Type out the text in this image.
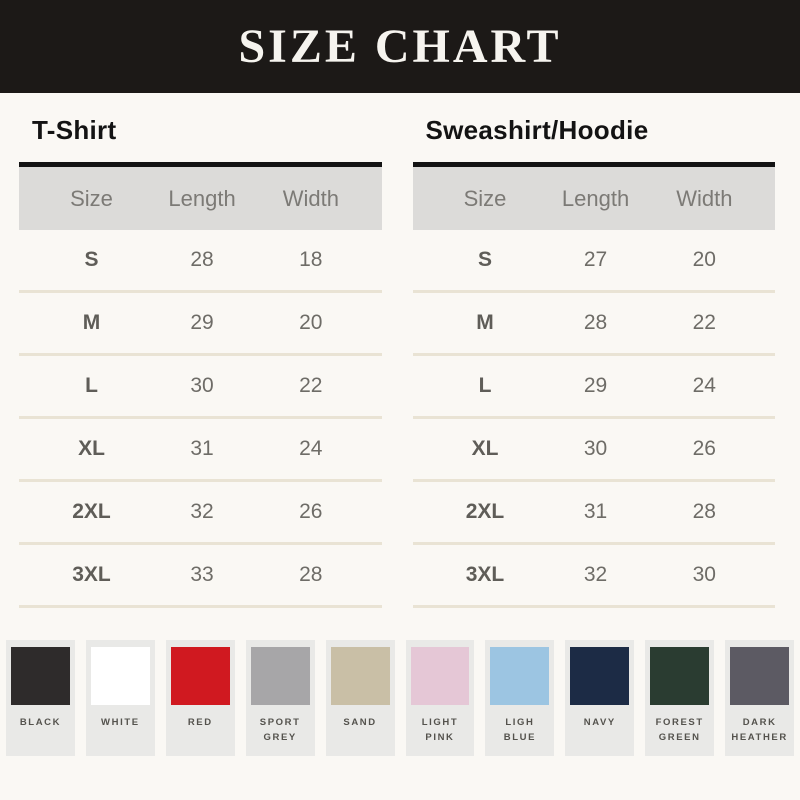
SIZE CHART
T-Shirt
Size	Length	Width
S	28	18
M	29	20
L	30	22
XL	31	24
2XL	32	26
3XL	33	28
Sweashirt/Hoodie
Size	Length	Width
S	27	20
M	28	22
L	29	24
XL	30	26
2XL	31	28
3XL	32	30
BLACK	WHITE	RED	SPORT GREY
SAND	LIGHT PINK
LIGH BLUE
NAVY	FOREST GREEN
DARK HEATHER
